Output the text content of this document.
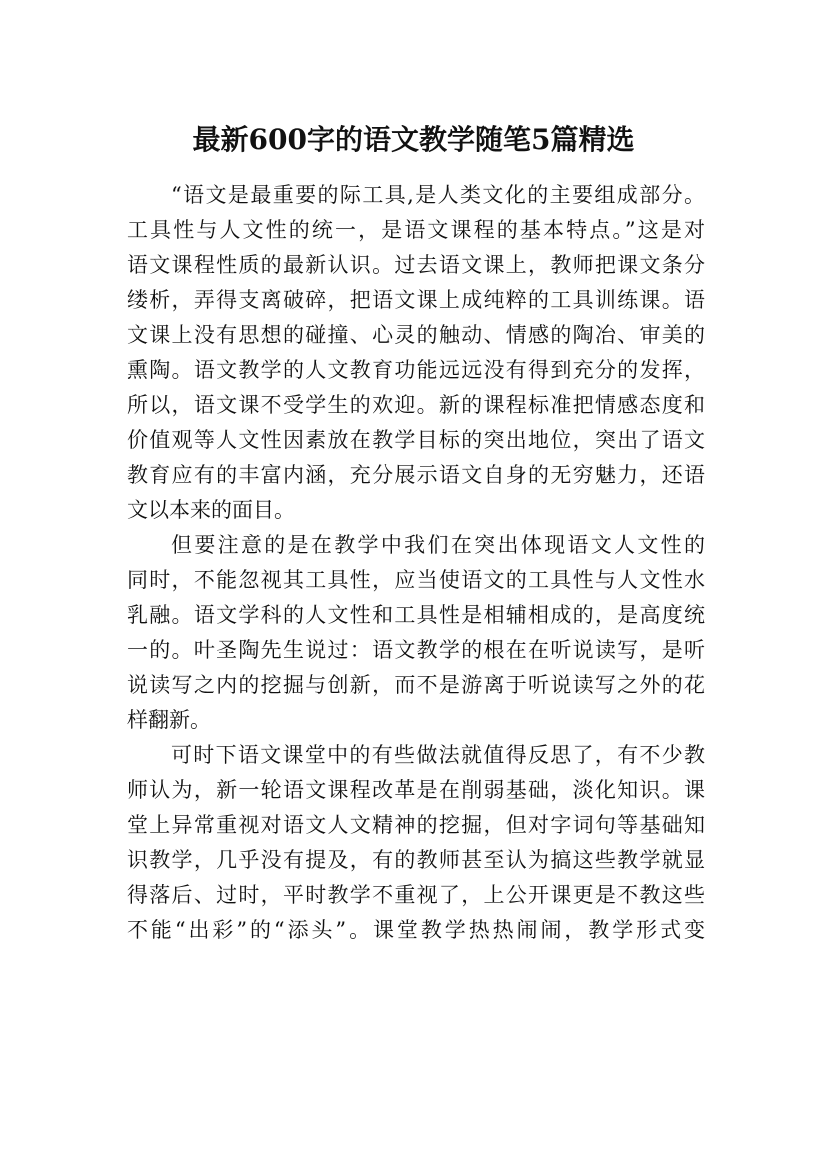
最新600字的语文教学随笔5篇精选
“语文是最重要的际工具,是人类文化的主要组成部分。
工具性与人文性的统一，是语文课程的基本特点。”这是对
语文课程性质的最新认识。过去语文课上，教师把课文条分
缕析，弄得支离破碎，把语文课上成纯粹的工具训练课。语
文课上没有思想的碰撞、心灵的触动、情感的陶冶、审美的
熏陶。语文教学的人文教育功能远远没有得到充分的发挥，
所以，语文课不受学生的欢迎。新的课程标准把情感态度和
价值观等人文性因素放在教学目标的突出地位，突出了语文
教育应有的丰富内涵，充分展示语文自身的无穷魅力，还语
文以本来的面目。
但要注意的是在教学中我们在突出体现语文人文性的
同时，不能忽视其工具性，应当使语文的工具性与人文性水
乳融。语文学科的人文性和工具性是相辅相成的，是高度统
一的。叶圣陶先生说过：语文教学的根在在听说读写，是听
说读写之内的挖掘与创新，而不是游离于听说读写之外的花
样翻新。
可时下语文课堂中的有些做法就值得反思了，有不少教
师认为，新一轮语文课程改革是在削弱基础，淡化知识。课
堂上异常重视对语文人文精神的挖掘，但对字词句等基础知
识教学，几乎没有提及，有的教师甚至认为搞这些教学就显
得落后、过时，平时教学不重视了，上公开课更是不教这些
不能“出彩”的“添头”。课堂教学热热闹闹，教学形式变
